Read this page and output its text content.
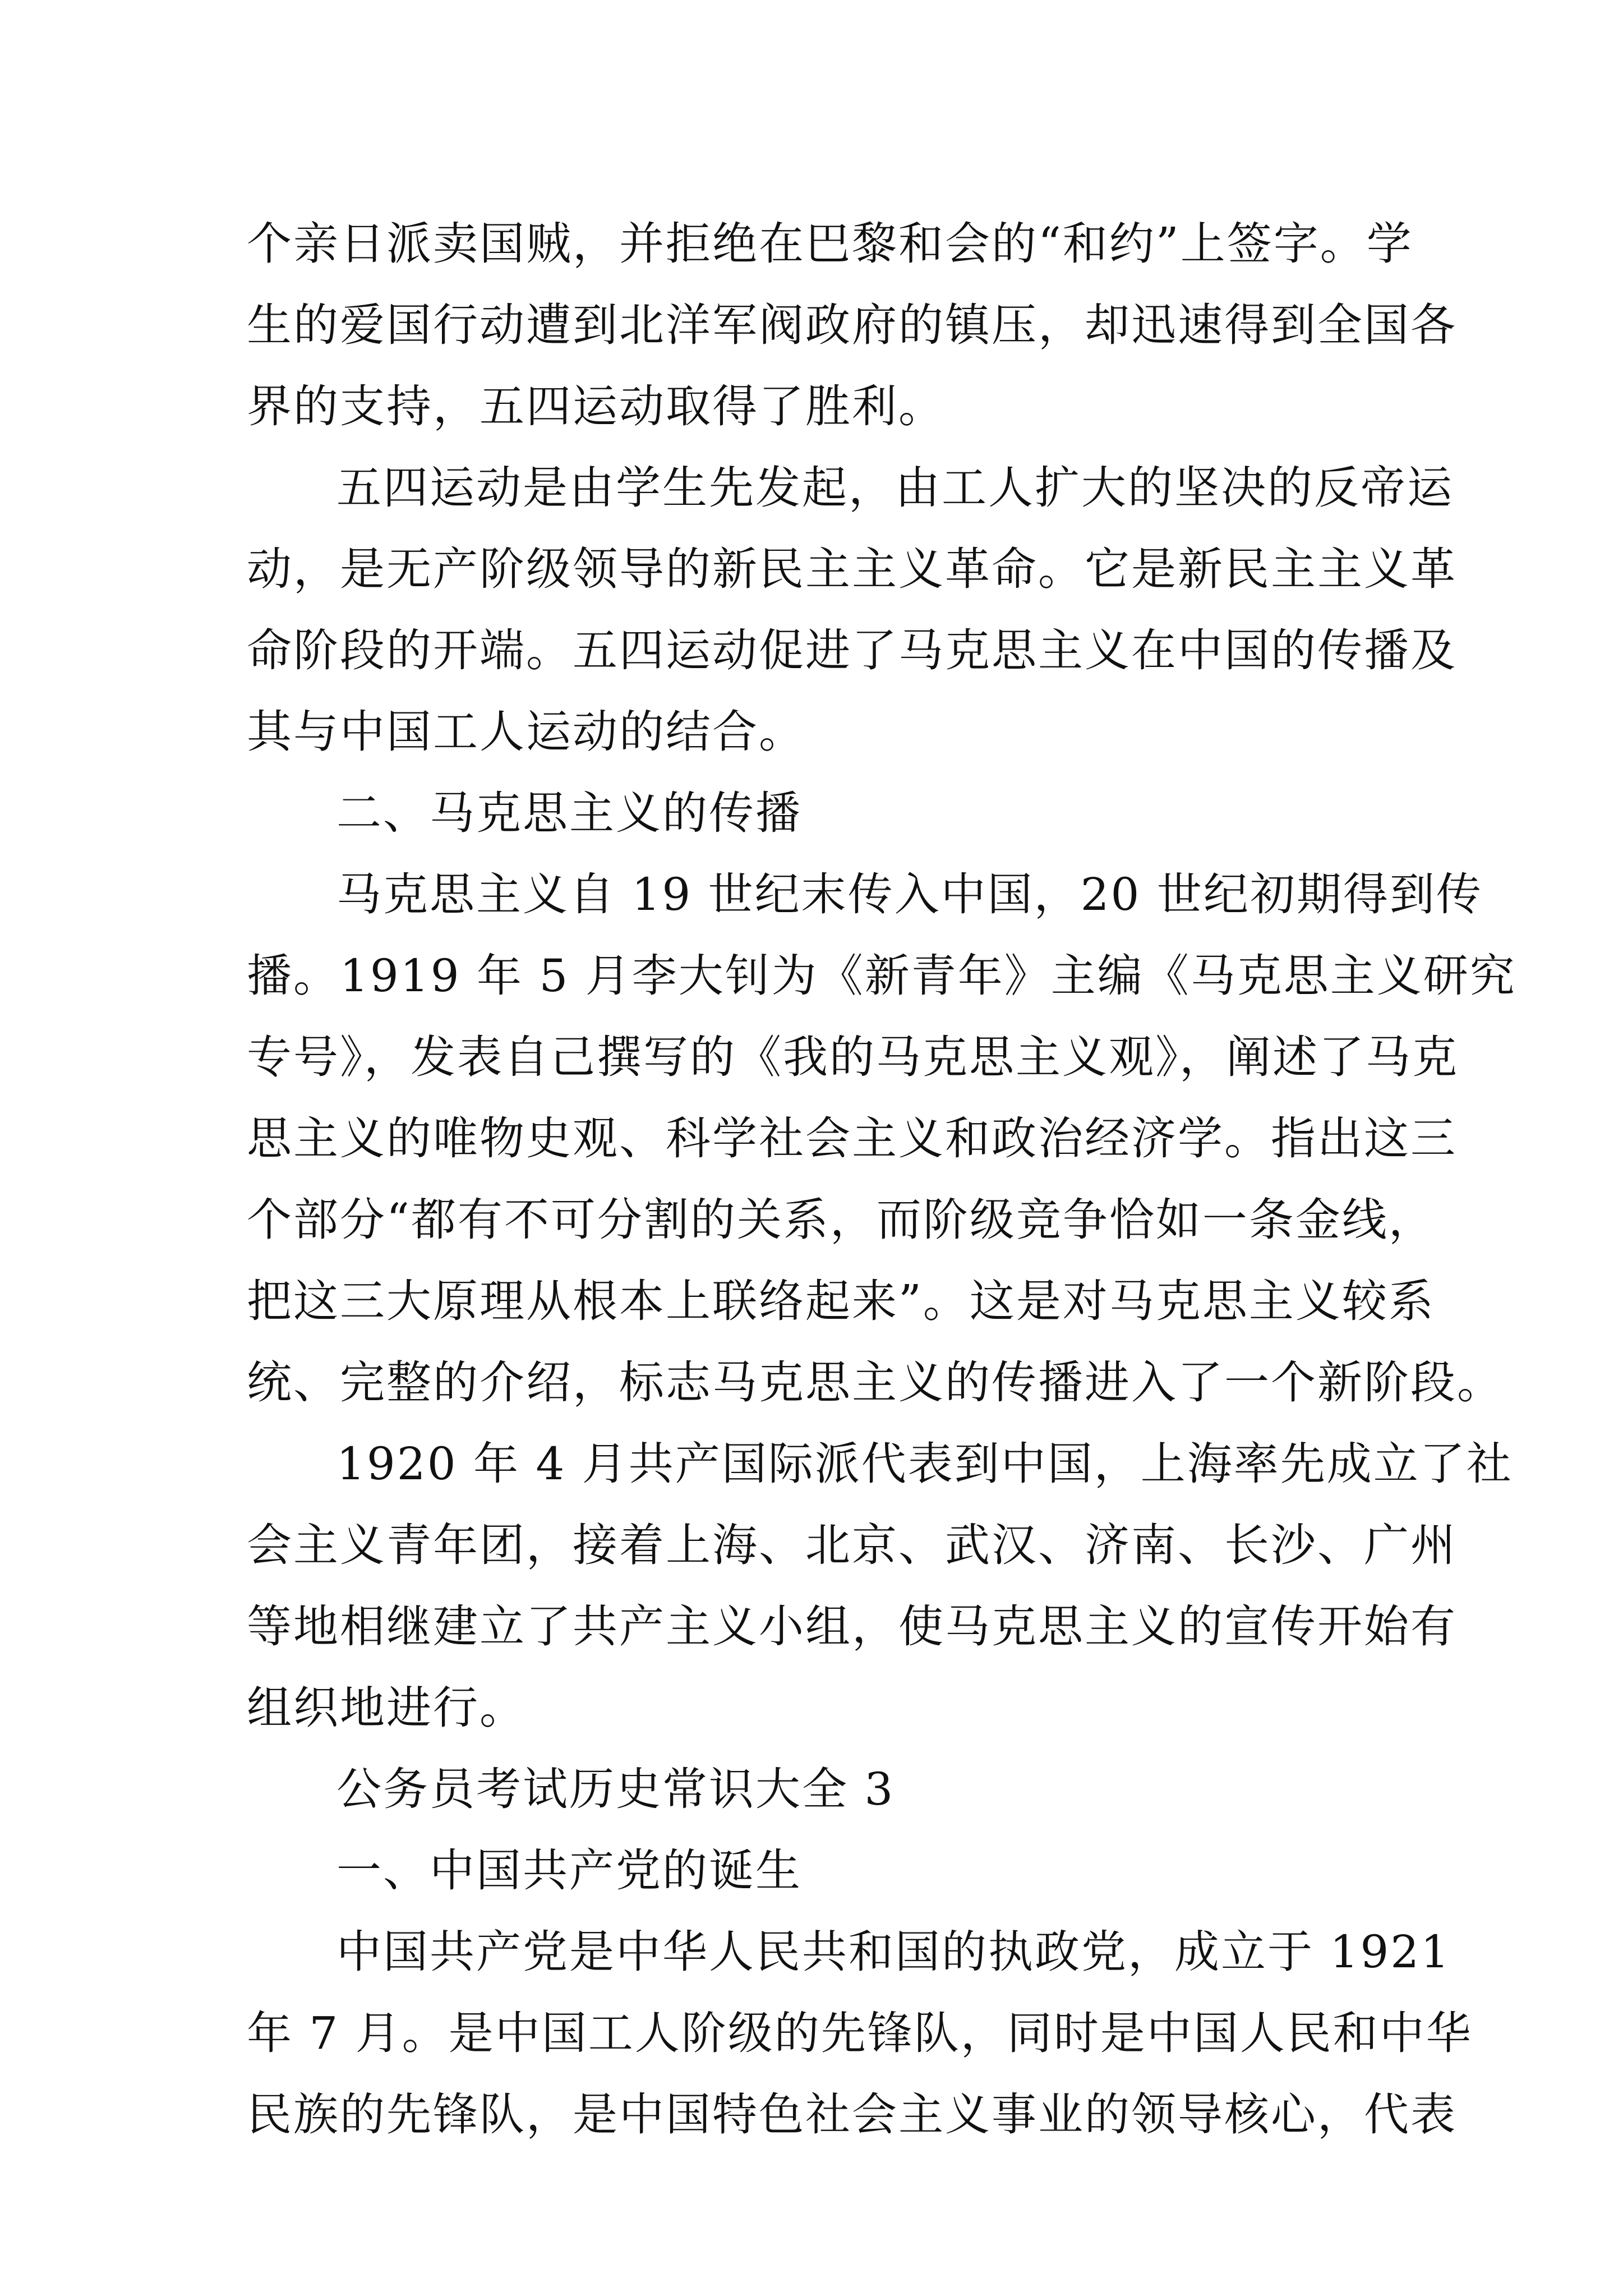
个亲日派卖国贼，并拒绝在巴黎和会的“和约”上签字。学
生的爱国行动遭到北洋军阀政府的镇压，却迅速得到全国各
界的支持，五四运动取得了胜利。
五四运动是由学生先发起，由工人扩大的坚决的反帝运
动，是无产阶级领导的新民主主义革命。它是新民主主义革
命阶段的开端。五四运动促进了马克思主义在中国的传播及
其与中国工人运动的结合。
二、马克思主义的传播
马克思主义自 19 世纪末传入中国，20 世纪初期得到传
播。1919 年 5 月李大钊为《新青年》主编《马克思主义研究
专号》，发表自己撰写的《我的马克思主义观》，阐述了马克
思主义的唯物史观、科学社会主义和政治经济学。指出这三
个部分“都有不可分割的关系，而阶级竞争恰如一条金线，
把这三大原理从根本上联络起来”。这是对马克思主义较系
统、完整的介绍，标志马克思主义的传播进入了一个新阶段。
1920 年 4 月共产国际派代表到中国，上海率先成立了社
会主义青年团，接着上海、北京、武汉、济南、长沙、广州
等地相继建立了共产主义小组，使马克思主义的宣传开始有
组织地进行。
公务员考试历史常识大全 3
一、中国共产党的诞生
中国共产党是中华人民共和国的执政党，成立于 1921
年 7 月。是中国工人阶级的先锋队，同时是中国人民和中华
民族的先锋队，是中国特色社会主义事业的领导核心，代表
